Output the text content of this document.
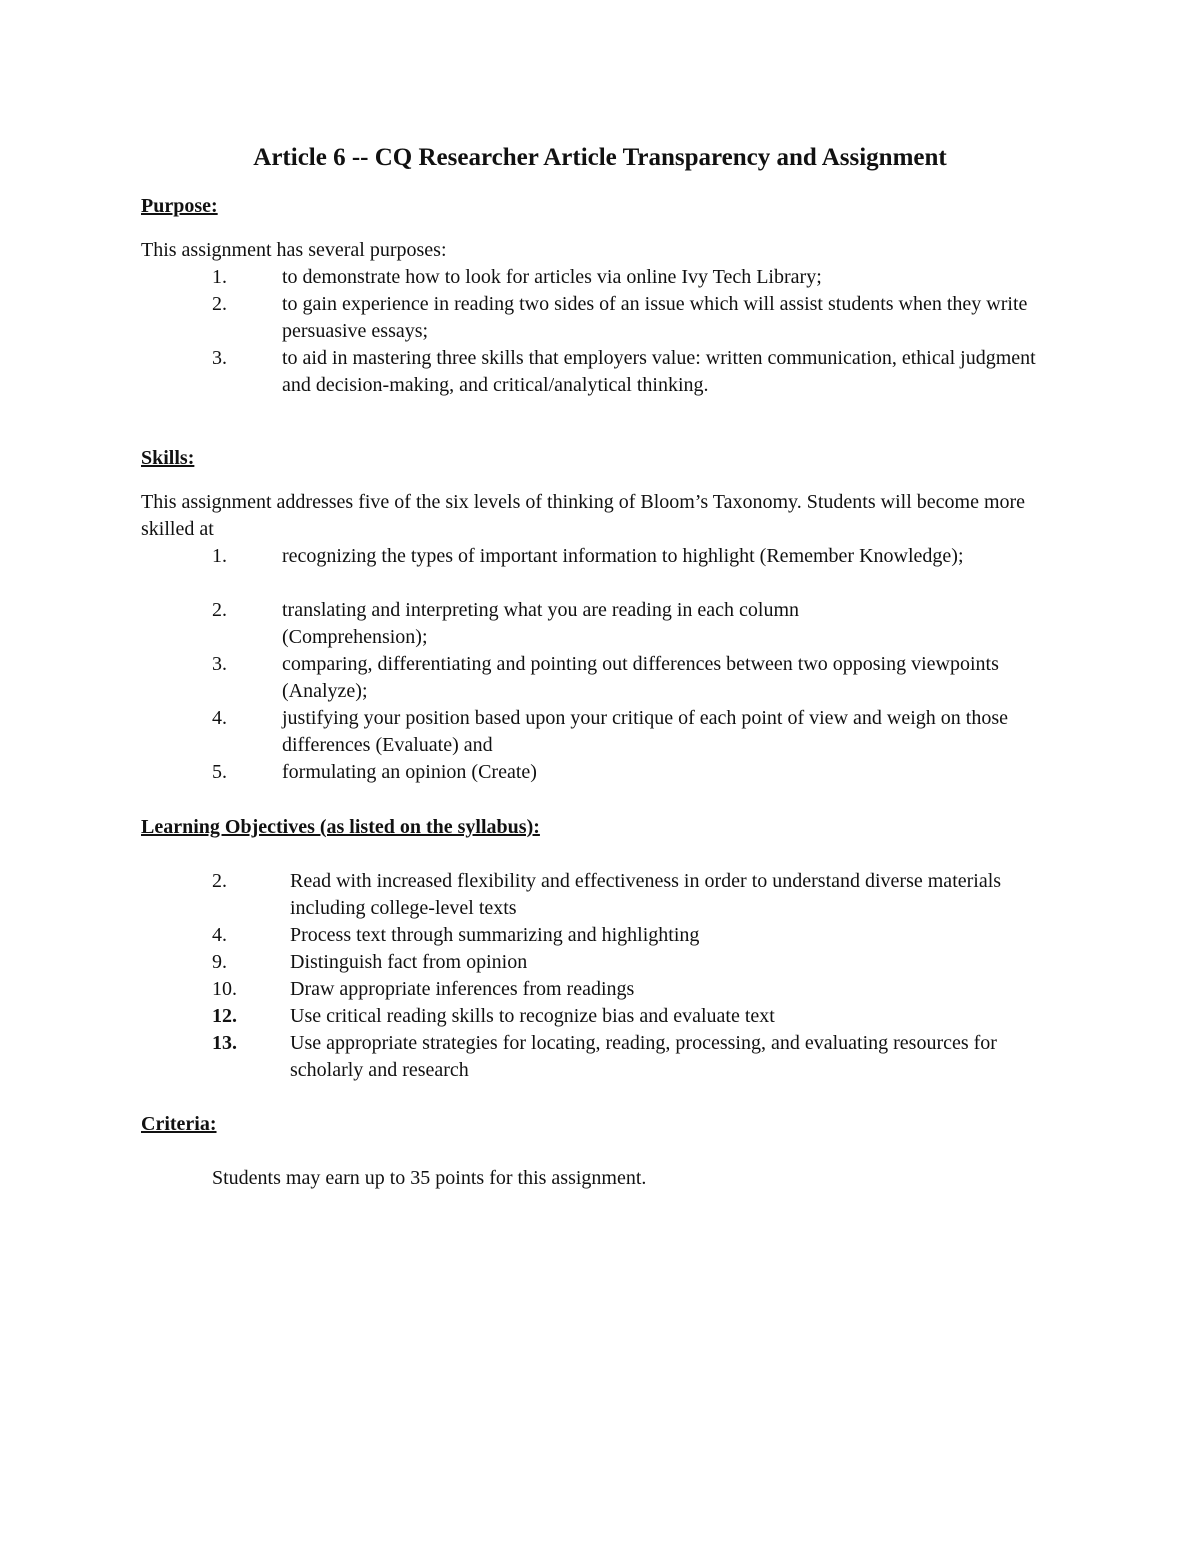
Article 6 -- CQ Researcher Article Transparency and Assignment
Purpose:
This assignment has several purposes:
1.	to demonstrate how to look for articles via online Ivy Tech Library;
2.	to gain experience in reading two sides of an issue which will assist students when they write persuasive essays;
3.	to aid in mastering three skills that employers value: written communication, ethical judgment and decision-making, and critical/analytical thinking.
Skills:
This assignment addresses five of the six levels of thinking of Bloom’s Taxonomy. Students will become more skilled at
1.	recognizing the types of important information to highlight (Remember Knowledge);
2.	translating and interpreting what you are reading in each column (Comprehension);
3.	comparing, differentiating and pointing out differences between two opposing viewpoints (Analyze);
4.	justifying your position based upon your critique of each point of view and weigh on those differences (Evaluate) and
5.	formulating an opinion (Create)
Learning Objectives (as listed on the syllabus):
2.	Read with increased flexibility and effectiveness in order to understand diverse materials including college-level texts
4.	Process text through summarizing and highlighting
9.	Distinguish fact from opinion
10.	Draw appropriate inferences from readings
12.	Use critical reading skills to recognize bias and evaluate text
13.	Use appropriate strategies for locating, reading, processing, and evaluating resources for scholarly and research
Criteria:
Students may earn up to 35 points for this assignment.
